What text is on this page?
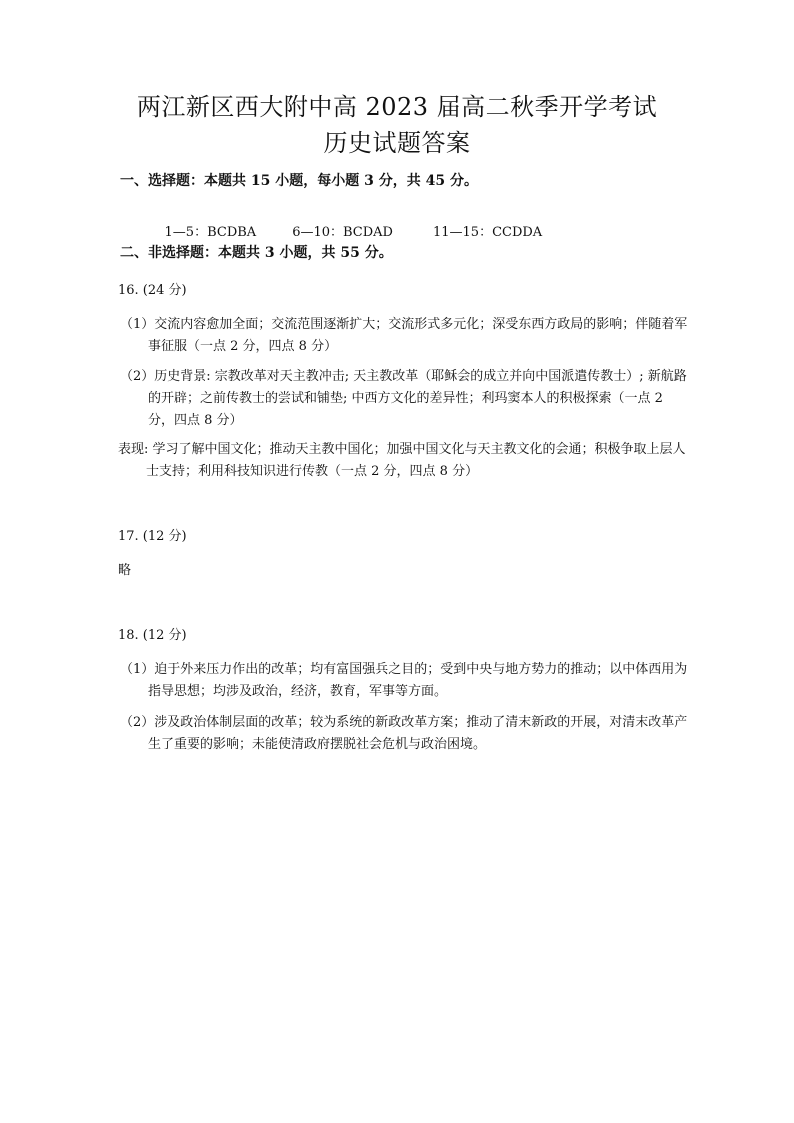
两江新区西大附中高 2023 届高二秋季开学考试
历史试题答案
一、选择题：本题共 15 小题，每小题 3 分，共 45 分。

1—5：BCDBA	6—10：BCDAD	11—15：CCDDA

二、非选择题：本题共 3 小题，共 55 分。
16. (24 分)
（1）交流内容愈加全面；交流范围逐渐扩大；交流形式多元化；深受东西方政局的影响；伴随着军事征服（一点 2 分，四点 8 分）
（2）历史背景: 宗教改革对天主教冲击; 天主教改革（耶稣会的成立并向中国派遣传教士）; 新航路的开辟；之前传教士的尝试和铺垫; 中西方文化的差异性；利玛窦本人的积极探索（一点 2 分，四点 8 分）
表现: 学习了解中国文化；推动天主教中国化；加强中国文化与天主教文化的会通；积极争取上层人士支持；利用科技知识进行传教（一点 2 分，四点 8 分）
17. (12 分)
略
18. (12 分)
（1）迫于外来压力作出的改革；均有富国强兵之目的；受到中央与地方势力的推动；以中体西用为指导思想；均涉及政治，经济，教育，军事等方面。
（2）涉及政治体制层面的改革；较为系统的新政改革方案；推动了清末新政的开展，对清末改革产生了重要的影响；未能使清政府摆脱社会危机与政治困境。
